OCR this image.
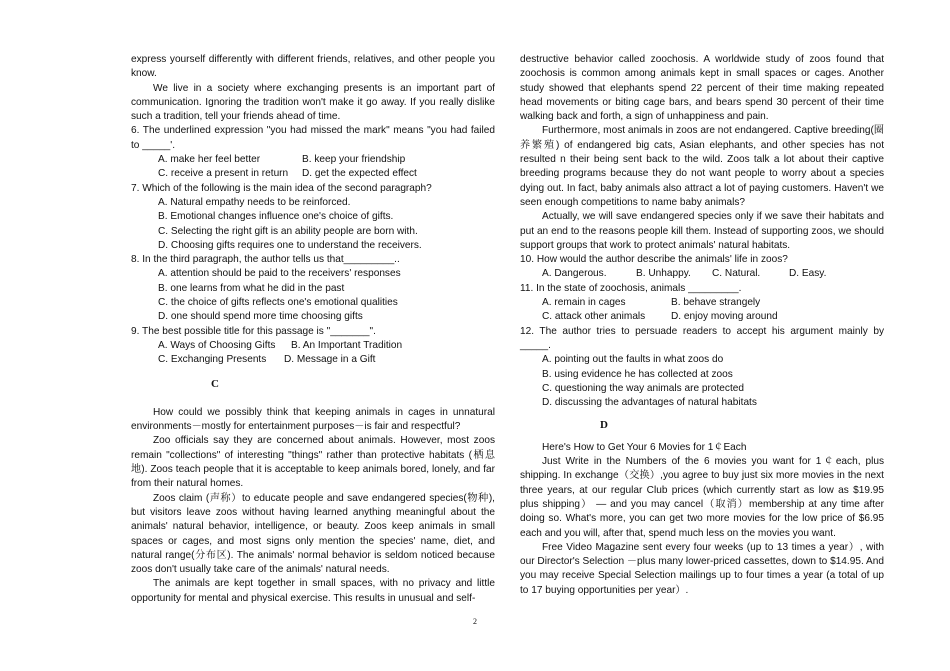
express yourself differently with different friends, relatives, and other people you know.

We live in a society where exchanging presents is an important part of communication. Ignoring the tradition won't make it go away. If you really dislike such a tradition, tell your friends ahead of time.

6. The underlined expression "you had missed the mark" means "you had failed to _____'.

A. make her feel better	B. keep your friendship

C. receive a present in return D. get the expected effect

7. Which of the following is the main idea of the second paragraph?

A. Natural empathy needs to be reinforced.

B. Emotional changes influence one's choice of gifts.

C. Selecting the right gift is an ability people are born with.

D. Choosing gifts requires one to understand the receivers.

8. In the third paragraph, the author tells us that_________..

A. attention should be paid to the receivers' responses

B. one learns from what he did in the past

C. the choice of gifts reflects one's emotional qualities

D. one should spend more time choosing gifts

9. The best possible title for this passage is "_______".

A. Ways of Choosing Gifts B. An Important Tradition

C. Exchanging Presents D. Message in a Gift

C

How could we possibly think that keeping animals in cages in unnatural environments－mostly for entertainment purposes－is fair and respectful?

Zoo officials say they are concerned about animals. However, most zoos remain "collections" of interesting "things" rather than protective habitats (栖息地). Zoos teach people that it is acceptable to keep animals bored, lonely, and far from their natural homes.

Zoos claim (声称）to educate people and save endangered species(物种), but visitors leave zoos without having learned anything meaningful about the animals' natural behavior, intelligence, or beauty. Zoos keep animals in small spaces or cages, and most signs only mention the species' name, diet, and natural range(分布区). The animals' normal behavior is seldom noticed because zoos don't usually take care of the animals' natural needs.

The animals are kept together in small spaces, with no privacy and little opportunity for mental and physical exercise. This results in unusual and self-

destructive behavior called zoochosis. A worldwide study of zoos found that zoochosis is common among animals kept in small spaces or cages. Another study showed that elephants spend 22 percent of their time making repeated head movements or biting cage bars, and bears spend 30 percent of their time walking back and forth, a sign of unhappiness and pain.

Furthermore, most animals in zoos are not endangered. Captive breeding(圈养繁殖) of endangered big cats, Asian elephants, and other species has not resulted n their being sent back to the wild. Zoos talk a lot about their captive breeding programs because they do not want people to worry about a species dying out. In fact, baby animals also attract a lot of paying customers. Haven't we seen enough competitions to name baby animals?

Actually, we will save endangered species only if we save their habitats and put an end to the reasons people kill them. Instead of supporting zoos, we should support groups that work to protect animals' natural habitats.

10. How would the author describe the animals' life in zoos?

A. Dangerous.	B. Unhappy. C. Natural.	D. Easy.

11. In the state of zoochosis, animals _________.

A. remain in cages	B. behave strangely

C. attack other animals	D. enjoy moving around

12. The author tries to persuade readers to accept his argument mainly by _____.

A. pointing out the faults in what zoos do

B. using evidence he has collected at zoos

C. questioning the way animals are protected

D. discussing the advantages of natural habitats

D

Here's How to Get Your 6 Movies for 1￠Each

Just Write in the Numbers of the 6 movies you want for 1￠each, plus shipping. In exchange（交换）,you agree to buy just six more movies in the next three years, at our regular Club prices (which currently start as low as $19.95 plus shipping） — and you may cancel（取消）membership at any time after doing so. What's more, you can get two more movies for the low price of $6.95 each and you will, after that, spend much less on the movies you want.

Free Video Magazine sent every four weeks (up to 13 times a year）, with our Director's Selection －plus many lower-priced cassettes, down to $14.95. And you may receive Special Selection mailings up to four times a year (a total of up to 17 buying opportunities per year）.

2
